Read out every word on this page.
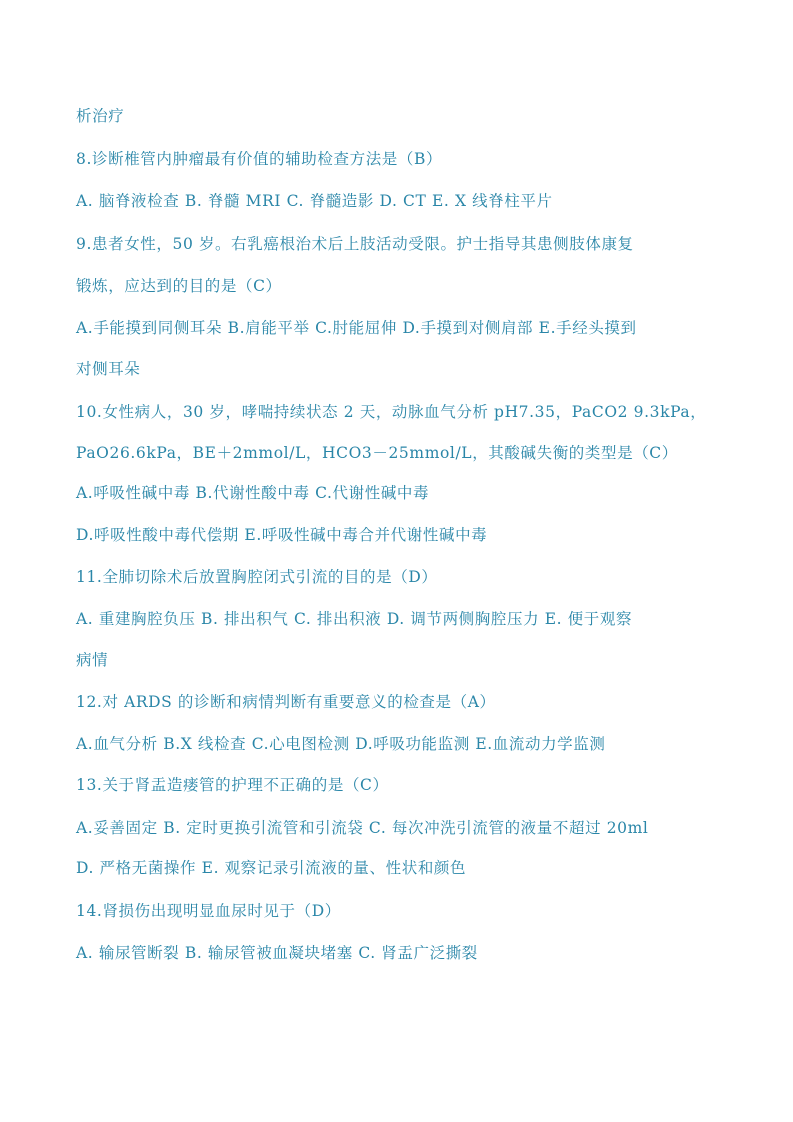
析治疗
8.诊断椎管内肿瘤最有价值的辅助检查方法是（B）
A. 脑脊液检查 B. 脊髓 MRI C. 脊髓造影 D. CT E. X 线脊柱平片
9.患者女性，50 岁。右乳癌根治术后上肢活动受限。护士指导其患侧肢体康复
锻炼，应达到的目的是（C）
A.手能摸到同侧耳朵 B.肩能平举 C.肘能屈伸 D.手摸到对侧肩部 E.手经头摸到
对侧耳朵
10.女性病人，30 岁，哮喘持续状态 2 天，动脉血气分析 pH7.35，PaCO2 9.3kPa，
PaO26.6kPa，BE＋2mmol/L，HCO3－25mmol/L，其酸碱失衡的类型是（C）
A.呼吸性碱中毒 B.代谢性酸中毒 C.代谢性碱中毒
D.呼吸性酸中毒代偿期 E.呼吸性碱中毒合并代谢性碱中毒
11.全肺切除术后放置胸腔闭式引流的目的是（D）
A. 重建胸腔负压 B. 排出积气 C. 排出积液 D. 调节两侧胸腔压力 E. 便于观察
病情
12.对 ARDS 的诊断和病情判断有重要意义的检查是（A）
A.血气分析 B.X 线检查 C.心电图检测 D.呼吸功能监测 E.血流动力学监测
13.关于肾盂造瘘管的护理不正确的是（C）
A.妥善固定 B. 定时更换引流管和引流袋 C. 每次冲洗引流管的液量不超过 20ml
D. 严格无菌操作 E. 观察记录引流液的量、性状和颜色
14.肾损伤出现明显血尿时见于（D）
A. 输尿管断裂 B. 输尿管被血凝块堵塞 C. 肾盂广泛撕裂
